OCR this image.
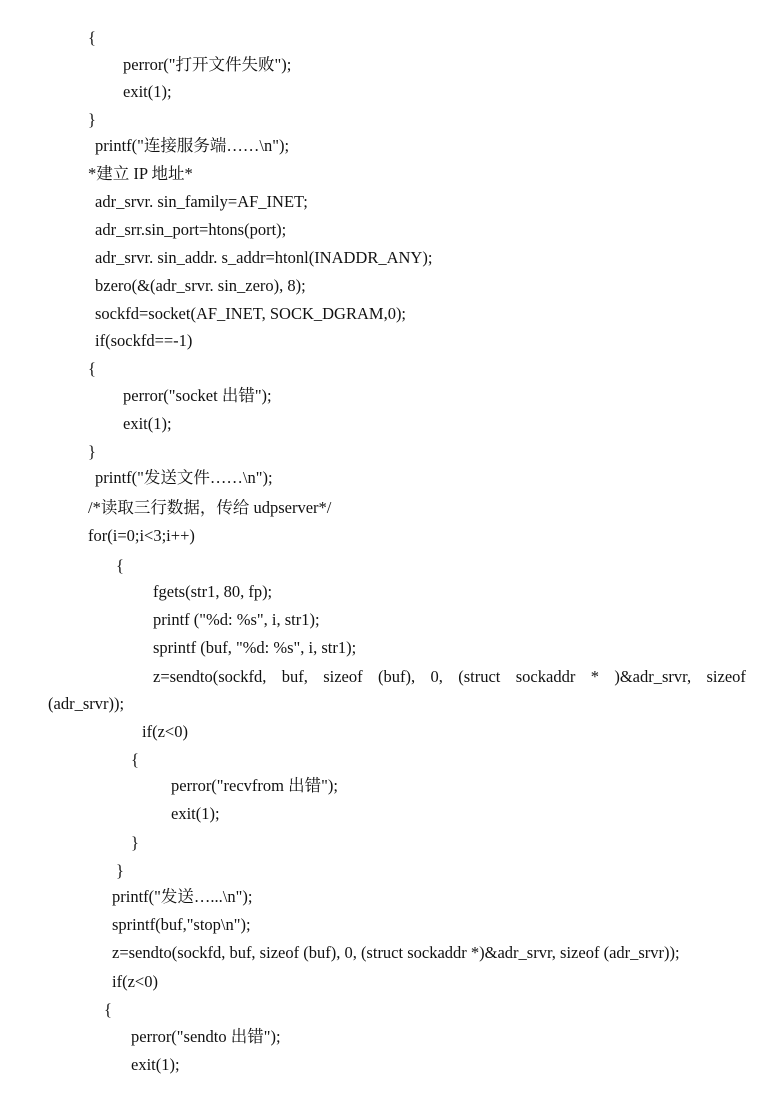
{
perror("打开文件失败");
exit(1);
}
printf("连接服务端……\n");
*建立 IP 地址*
adr_srvr. sin_family=AF_INET;
adr_srr.sin_port=htons(port);
adr_srvr. sin_addr. s_addr=htonl(INADDR_ANY);
bzero(&(adr_srvr. sin_zero), 8);
sockfd=socket(AF_INET, SOCK_DGRAM,0);
if(sockfd==-1)
{
perror("socket 出错");
exit(1);
}
printf("发送文件……\n");
/*读取三行数据，传给 udpserver*/
for(i=0;i<3;i++)
{
fgets(str1, 80, fp);
printf ("%d: %s", i, str1);
sprintf (buf, "%d: %s", i, str1);
(adr_srvr));
if(z<0)
{
perror("recvfrom 出错");
exit(1);
}
}
printf("发送…...\n");
sprintf(buf,"stop\n");
z=sendto(sockfd, buf, sizeof (buf), 0, (struct sockaddr *)&adr_srvr, sizeof (adr_srvr));
if(z<0)
{
perror("sendto 出错");
exit(1);
z=sendto(sockfd, buf, sizeof (buf), 0, (struct sockaddr * )&adr_srvr, sizeof
